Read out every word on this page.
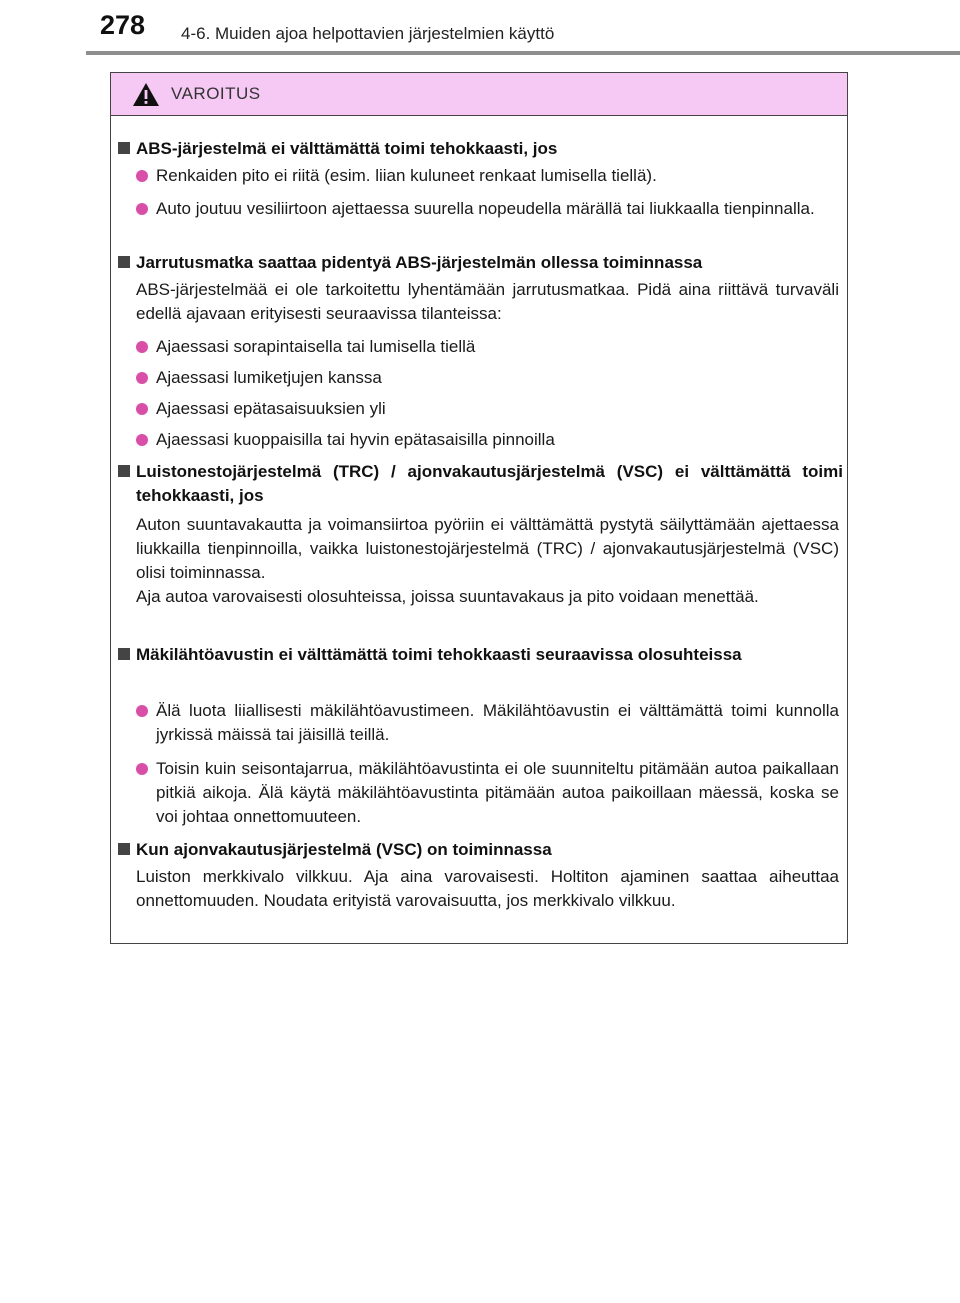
278 4-6. Muiden ajoa helpottavien järjestelmien käyttö
VAROITUS
ABS-järjestelmä ei välttämättä toimi tehokkaasti, jos
Renkaiden pito ei riitä (esim. liian kuluneet renkaat lumisella tiellä).
Auto joutuu vesiliirtoon ajettaessa suurella nopeudella märällä tai liukkaalla tienpinnalla.
Jarrutusmatka saattaa pidentyä ABS-järjestelmän ollessa toiminnassa
ABS-järjestelmää ei ole tarkoitettu lyhentämään jarrutusmatkaa. Pidä aina riittävä turvaväli edellä ajavaan erityisesti seuraavissa tilanteissa:
Ajaessasi sorapintaisella tai lumisella tiellä
Ajaessasi lumiketjujen kanssa
Ajaessasi epätasaisuuksien yli
Ajaessasi kuoppaisilla tai hyvin epätasaisilla pinnoilla
Luistonestojärjestelmä (TRC) / ajonvakautusjärjestelmä (VSC) ei välttämättä toimi tehokkaasti, jos
Auton suuntavakautta ja voimansiirtoa pyöriin ei välttämättä pystytä säilyttämään ajettaessa liukkailla tienpinnoilla, vaikka luistonestojärjestelmä (TRC) / ajonvakautusjärjestelmä (VSC) olisi toiminnassa.
Aja autoa varovaisesti olosuhteissa, joissa suuntavakaus ja pito voidaan menettää.
Mäkilähtöavustin ei välttämättä toimi tehokkaasti seuraavissa olosuhteissa
Älä luota liiallisesti mäkilähtöavustimeen. Mäkilähtöavustin ei välttämättä toimi kunnolla jyrkissä mäissä tai jäisillä teillä.
Toisin kuin seisontajarrua, mäkilähtöavustinta ei ole suunniteltu pitämään autoa paikallaan pitkiä aikoja. Älä käytä mäkilähtöavustinta pitämään autoa paikoillaan mäessä, koska se voi johtaa onnettomuuteen.
Kun ajonvakautusjärjestelmä (VSC) on toiminnassa
Luiston merkkivalo vilkkuu. Aja aina varovaisesti. Holtiton ajaminen saattaa aiheuttaa onnettomuuden. Noudata erityistä varovaisuutta, jos merkkivalo vilkkuu.
